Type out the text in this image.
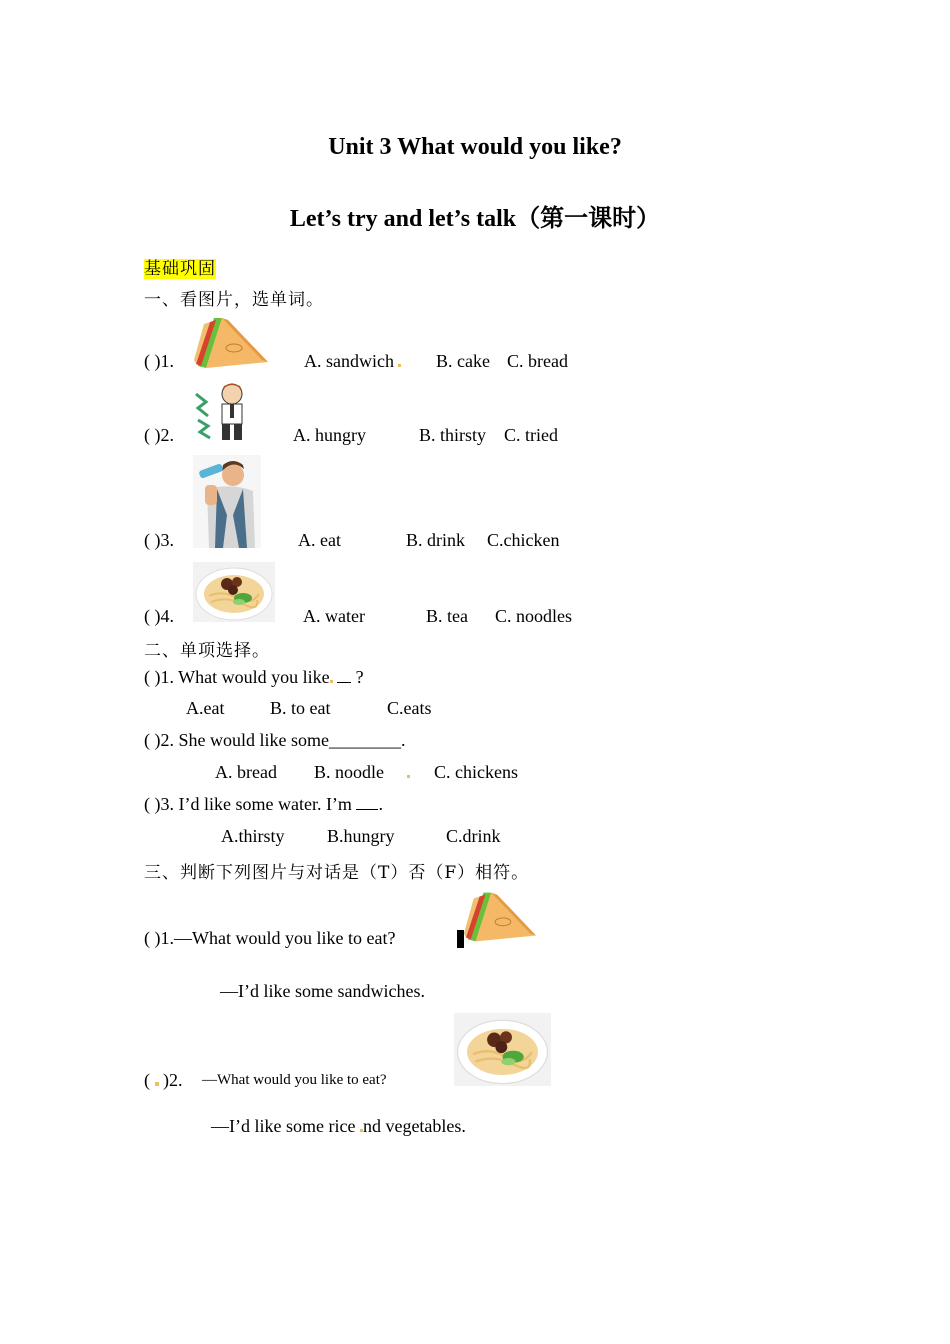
Unit 3 What would you like?
Let’s try and let’s talk（第一课时）
基础巩固
一、看图片，选单词。
( )1.	A. sandwich	B. cake C. bread
( )2.	A. hungry	B. thirsty C. tried
( )3.	A. eat	B. drink C.chicken
( )4.	A. water	B. tea C. noodles
二、单项选择。
( )1. What would you like ?
A.eat	B. to eat	C.eats
( )2. She would like some________.
A. bread B. noodle	C. chickens
( )3. I’d like some water. I’m .
A.thirsty B.hungry	C.drink
三、判断下列图片与对话是（T）否（F）相符。
( )1.—What would you like to eat?
—I’d like some sandwiches.
( )2. —What would you like to eat?
—I’d like some rice nd vegetables.
